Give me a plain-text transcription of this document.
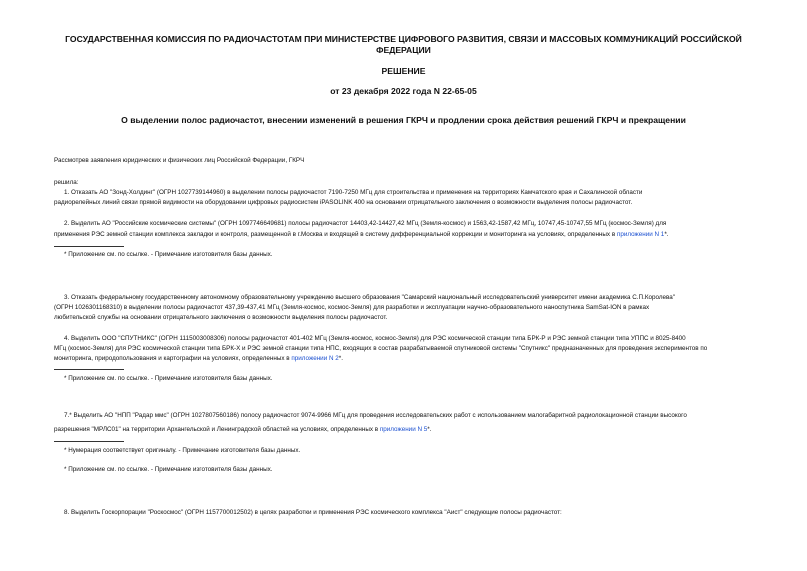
ГОСУДАРСТВЕННАЯ КОМИССИЯ ПО РАДИОЧАСТОТАМ ПРИ МИНИСТЕРСТВЕ ЦИФРОВОГО РАЗВИТИЯ, СВЯЗИ И МАССОВЫХ КОММУНИКАЦИЙ РОССИЙСКОЙ ФЕДЕРАЦИИ

РЕШЕНИЕ

от 23 декабря 2022 года N 22-65-05

О выделении полос радиочастот, внесении изменений в решения ГКРЧ и продлении срока действия решений ГКРЧ и прекращении

Рассмотрев заявления юридических и физических лиц Российской Федерации, ГКРЧ

решила:

1. Отказать АО "Зонд-Холдинг" (ОГРН 1027739144960) в выделении полосы радиочастот 7190-7250 МГц для строительства и применения на территориях Камчатского края и Сахалинской области

радиорелейных линий связи прямой видимости на оборудовании цифровых радиосистем iPASOLINK 400 на основании отрицательного заключения о возможности выделения полосы радиочастот.

2. Выделить АО "Российские космические системы" (ОГРН 1097746649681) полосы радиочастот 14403,42-14427,42 МГц (Земля-космос) и 1563,42-1587,42 МГц, 10747,45-10747,55 МГц (космос-Земля) для

применения РЭС земной станции комплекса закладки и контроля, размещенной в г.Москва и входящей в систему дифференциальной коррекции и мониторинга на условиях, определенных в приложении N 1*.

* Приложение см. по ссылке. - Примечание изготовителя базы данных.

3. Отказать федеральному государственному автономному образовательному учреждению высшего образования "Самарский национальный исследовательский университет имени академика С.П.Королева"

(ОГРН 1026301168310) в выделении полосы радиочастот 437,39-437,41 МГц (Земля-космос, космос-Земля) для разработки и эксплуатации научно-образовательного наноспутника SamSat-ION в рамках

любительской службы на основании отрицательного заключения о возможности выделения полосы радиочастот.

4. Выделить ООО "СПУТНИКС" (ОГРН 1115003008306) полосы радиочастот 401-402 МГц (Земля-космос, космос-Земля) для РЭС космической станции типа БРК-Р и РЭС земной станции типа УППС и 8025-8400

МГц (космос-Земля) для РЭС космической станции типа БРК-Х и РЭС земной станции типа НПС, входящих в состав разрабатываемой спутниковой системы "Спутникс" предназначенных для проведения экспериментов по

мониторинга, природопользования и картографии на условиях, определенных в приложении N 2*.

* Приложение см. по ссылке. - Примечание изготовителя базы данных.

7.* Выделить АО "НПП "Радар ммс" (ОГРН 1027807560186) полосу радиочастот 9074-9966 МГц для проведения исследовательских работ с использованием малогабаритной радиолокационной станции высокого

разрешения "МРЛС01" на территории Архангельской и Ленинградской областей на условиях, определенных в приложении N 5*.

* Нумерация соответствует оригиналу. - Примечание изготовителя базы данных.

* Приложение см. по ссылке. - Примечание изготовителя базы данных.

8. Выделить Госкорпорации "Роскосмос" (ОГРН 1157700012502) в целях разработки и применения РЭС космического комплекса "Аист" следующие полосы радиочастот:
